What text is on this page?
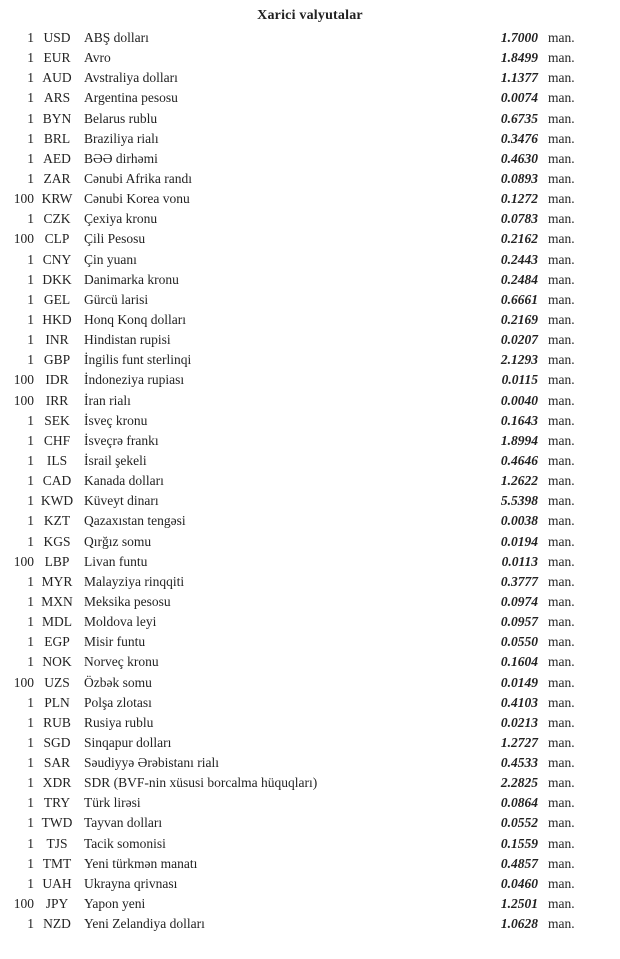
Xarici valyutalar
1 USD	ABŞ dolları	1.7000 man.
1 EUR	Avro	1.8499 man.
1 AUD Avstraliya dolları	1.1377 man.
1 ARS	Argentina pesosu	0.0074 man.
1 BYN Belarus rublu	0.6735 man.
1 BRL	Braziliya rialı	0.3476 man.
1 AED BƏƏ dirhəmi	0.4630 man.
1 ZAR	Cənubi Afrika randı	0.0893 man.
100 KRW Cənubi Korea vonu	0.1272 man.
1 CZK	Çexiya kronu	0.0783 man.
100 CLP	Çili Pesosu	0.2162 man.
1 CNY Çin yuanı	0.2443 man.
1 DKK Danimarka kronu	0.2484 man.
1 GEL	Gürcü larisi	0.6661 man.
1 HKD Honq Konq dolları	0.2169 man.
1 INR	Hindistan rupisi	0.0207 man.
1 GBP	İngilis funt sterlinqi	2.1293 man.
100 IDR	İndoneziya rupiası	0.0115 man.
100 IRR	İran rialı	0.0040 man.
1 SEK	İsveç kronu	0.1643 man.
1 CHF	İsveçrə frankı	1.8994 man.
1 ILS	İsrail şekeli	0.4646 man.
1 CAD Kanada dolları	1.2622 man.
1 KWD Küveyt dinarı	5.5398 man.
1 KZT	Qazaxıstan tengəsi	0.0038 man.
1 KGS	Qırğız somu	0.0194 man.
100 LBP	Livan funtu	0.0113 man.
1 MYR Malayziya rinqqiti	0.3777 man.
1 MXN Meksika pesosu	0.0974 man.
1 MDL Moldova leyi	0.0957 man.
1 EGP	Misir funtu	0.0550 man.
1 NOK Norveç kronu	0.1604 man.
100 UZS	Özbək somu	0.0149 man.
1 PLN	Polşa zlotası	0.4103 man.
1 RUB Rusiya rublu	0.0213 man.
1 SGD	Sinqapur dolları	1.2727 man.
1 SAR	Səudiyyə Ərəbistanı rialı	0.4533 man.
1 XDR SDR (BVF-nin xüsusi borcalma hüquqları)	2.2825 man.
1 TRY	Türk lirəsi	0.0864 man.
1 TWD Tayvan dolları	0.0552 man.
1 TJS	Tacik somonisi	0.1559 man.
1 TMT Yeni türkmən manatı	0.4857 man.
1 UAH Ukrayna qrivnası	0.0460 man.
100 JPY	Yapon yeni	1.2501 man.
1 NZD Yeni Zelandiya dolları	1.0628 man.
